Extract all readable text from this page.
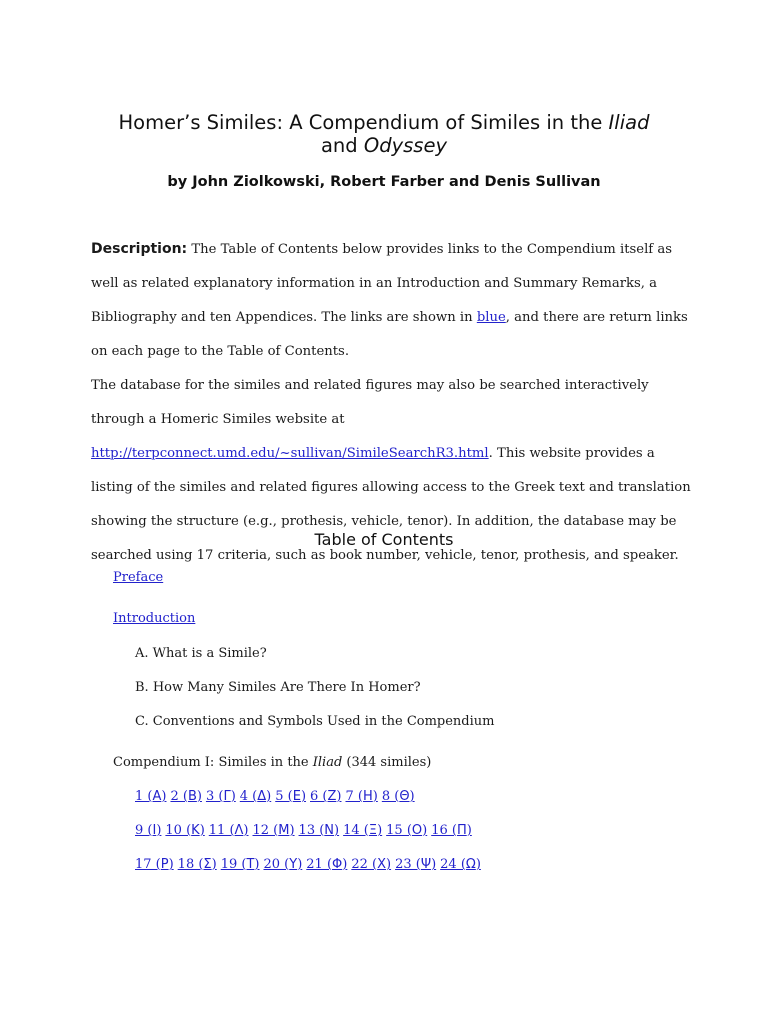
Homer’s Similes: A Compendium of Similes in the Iliad
and Odyssey
by John Ziolkowski, Robert Farber and Denis Sullivan

Description: The Table of Contents below provides links to the Compendium itself as well as related explanatory information in an Introduction and Summary Remarks, a Bibliography and ten Appendices. The links are shown in blue, and there are return links on each page to the Table of Contents.

The database for the similes and related figures may also be searched interactively through a Homeric Similes website at http://terpconnect.umd.edu/~sullivan/SimileSearchR3.html. This website provides a listing of the similes and related figures allowing access to the Greek text and translation showing the structure (e.g., prothesis, vehicle, tenor). In addition, the database may be searched using 17 criteria, such as book number, vehicle, tenor, prothesis, and speaker.

Table of Contents
Preface
Introduction
A. What is a Simile?
B. How Many Similes Are There In Homer?
C. Conventions and Symbols Used in the Compendium
Compendium I: Similes in the Iliad (344 similes)
1 (Α) 2 (Β) 3 (Γ) 4 (Δ) 5 (Ε) 6 (Ζ) 7 (Η) 8 (Θ)
9 (Ι) 10 (Κ) 11 (Λ) 12 (Μ) 13 (Ν) 14 (Ξ) 15 (Ο) 16 (Π)
17 (Ρ) 18 (Σ) 19 (Τ) 20 (Υ) 21 (Φ) 22 (Χ) 23 (Ψ) 24 (Ω)
